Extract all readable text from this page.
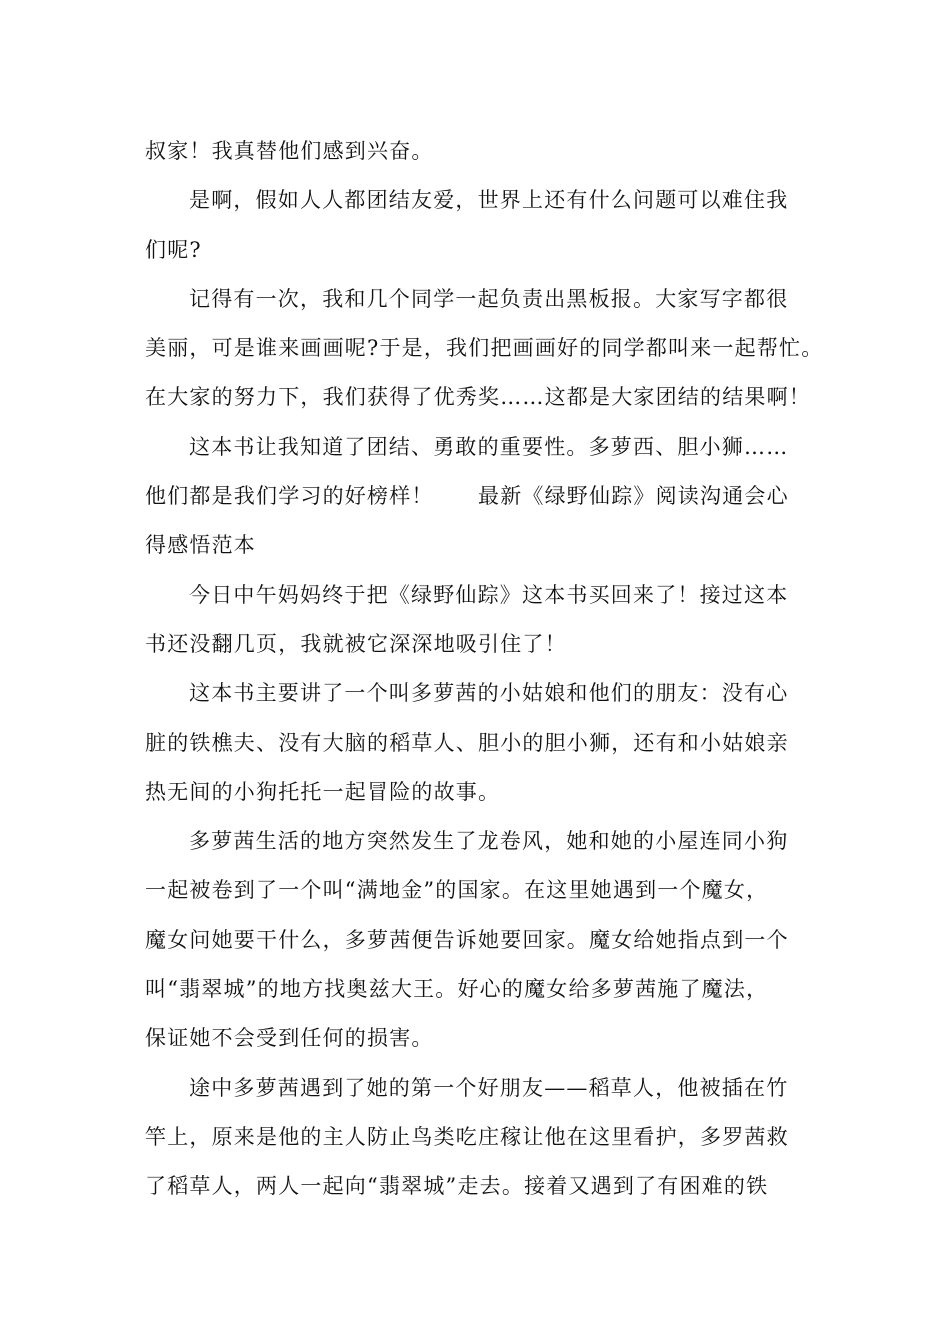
叔家！我真替他们感到兴奋。
是啊，假如人人都团结友爱，世界上还有什么问题可以难住我
们呢?
记得有一次，我和几个同学一起负责出黑板报。大家写字都很
美丽，可是谁来画画呢?于是，我们把画画好的同学都叫来一起帮忙。
在大家的努力下，我们获得了优秀奖……这都是大家团结的结果啊！
这本书让我知道了团结、勇敢的重要性。多萝西、胆小狮……
他们都是我们学习的好榜样！　　最新《绿野仙踪》阅读沟通会心
得感悟范本
今日中午妈妈终于把《绿野仙踪》这本书买回来了！接过这本
书还没翻几页，我就被它深深地吸引住了！
这本书主要讲了一个叫多萝茜的小姑娘和他们的朋友：没有心
脏的铁樵夫、没有大脑的稻草人、胆小的胆小狮，还有和小姑娘亲
热无间的小狗托托一起冒险的故事。
多萝茜生活的地方突然发生了龙卷风，她和她的小屋连同小狗
一起被卷到了一个叫“满地金”的国家。在这里她遇到一个魔女，
魔女问她要干什么，多萝茜便告诉她要回家。魔女给她指点到一个
叫“翡翠城”的地方找奥兹大王。好心的魔女给多萝茜施了魔法，
保证她不会受到任何的损害。
途中多萝茜遇到了她的第一个好朋友——稻草人，他被插在竹
竿上，原来是他的主人防止鸟类吃庄稼让他在这里看护，多罗茜救
了稻草人，两人一起向“翡翠城”走去。接着又遇到了有困难的铁
